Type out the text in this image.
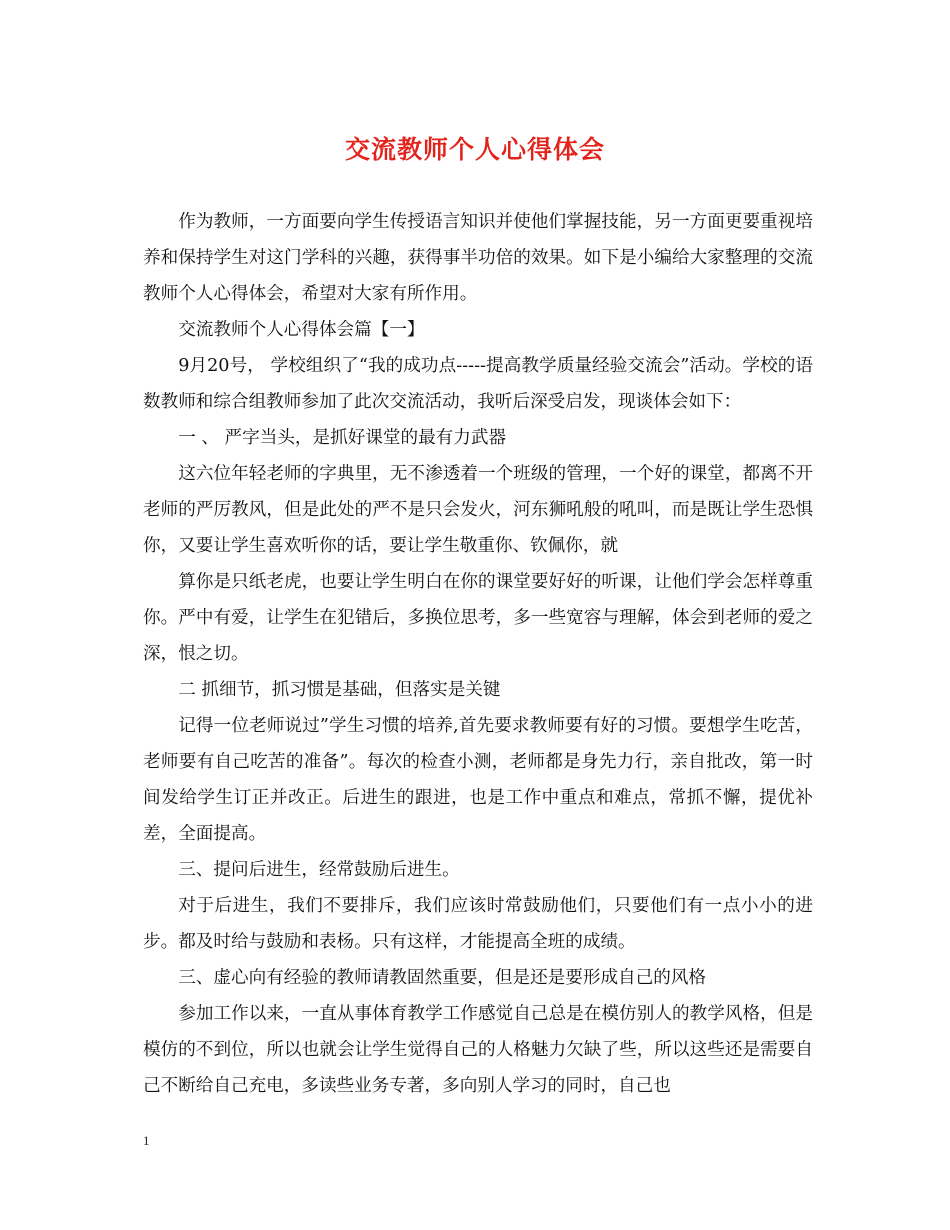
交流教师个人心得体会

作为教师，一方面要向学生传授语言知识并使他们掌握技能，另一方面更要重视培养和保持学生对这门学科的兴趣，获得事半功倍的效果。如下是小编给大家整理的交流教师个人心得体会，希望对大家有所作用。

交流教师个人心得体会篇【一】

9月20号， 学校组织了“我的成功点-----提高教学质量经验交流会”活动。学校的语数教师和综合组教师参加了此次交流活动，我听后深受启发，现谈体会如下：

一 、 严字当头，是抓好课堂的最有力武器

这六位年轻老师的字典里，无不渗透着一个班级的管理，一个好的课堂，都离不开老师的严厉教风，但是此处的严不是只会发火，河东狮吼般的吼叫，而是既让学生恐惧你，又要让学生喜欢听你的话，要让学生敬重你、钦佩你，就

算你是只纸老虎，也要让学生明白在你的课堂要好好的听课，让他们学会怎样尊重你。严中有爱，让学生在犯错后，多换位思考，多一些宽容与理解，体会到老师的爱之深，恨之切。

二 抓细节，抓习惯是基础，但落实是关键

记得一位老师说过”学生习惯的培养,首先要求教师要有好的习惯。要想学生吃苦，老师要有自己吃苦的准备”。每次的检查小测，老师都是身先力行，亲自批改，第一时间发给学生订正并改正。后进生的跟进，也是工作中重点和难点，常抓不懈，提优补差，全面提高。

三、提问后进生，经常鼓励后进生。

对于后进生，我们不要排斥，我们应该时常鼓励他们，只要他们有一点小小的进步。都及时给与鼓励和表杨。只有这样，才能提高全班的成绩。

三、虚心向有经验的教师请教固然重要，但是还是要形成自己的风格

参加工作以来，一直从事体育教学工作感觉自己总是在模仿别人的教学风格，但是模仿的不到位，所以也就会让学生觉得自己的人格魅力欠缺了些，所以这些还是需要自己不断给自己充电，多读些业务专著，多向别人学习的同时，自己也

1
